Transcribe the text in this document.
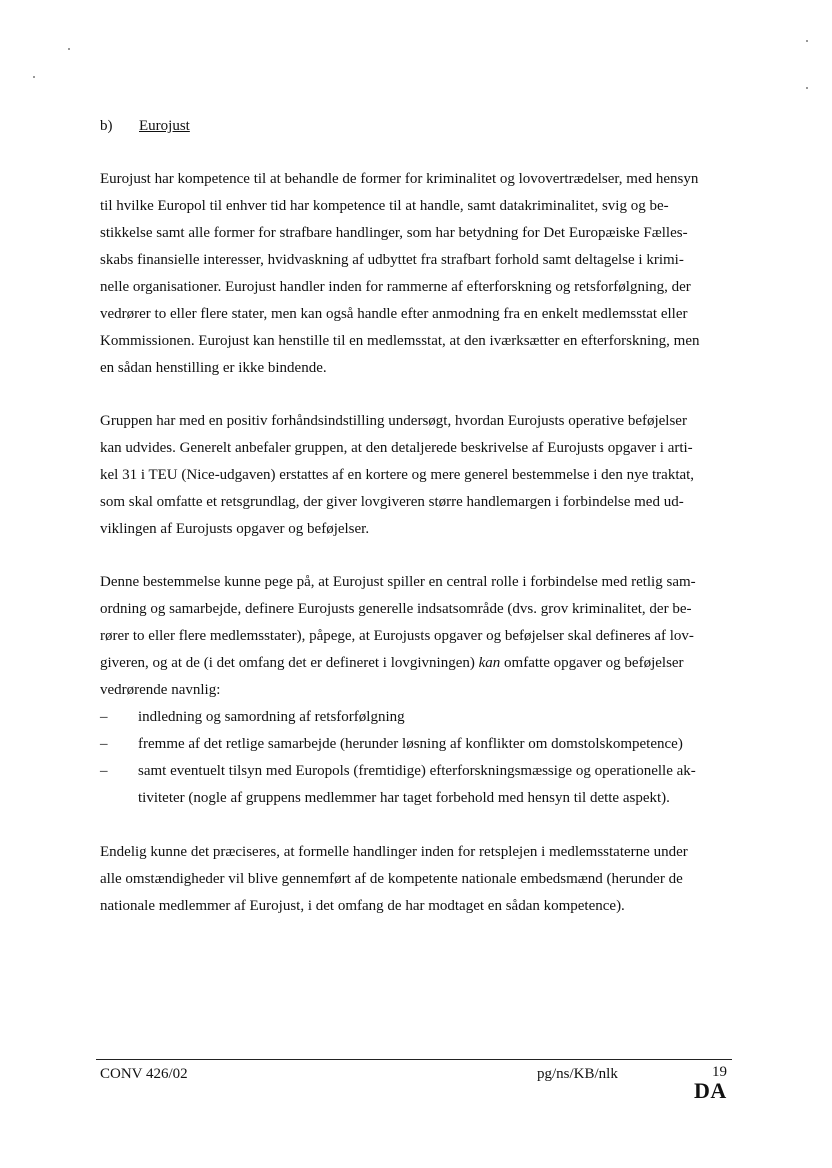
b) Eurojust
Eurojust har kompetence til at behandle de former for kriminalitet og lovovertrædelser, med hensyn
til hvilke Europol til enhver tid har kompetence til at handle, samt datakriminalitet, svig og be-
stikkelse samt alle former for strafbare handlinger, som har betydning for Det Europæiske Fælles-
skabs finansielle interesser, hvidvaskning af udbyttet fra strafbart forhold samt deltagelse i krimi-
nelle organisationer. Eurojust handler inden for rammerne af efterforskning og retsforfølgning, der
vedrører to eller flere stater, men kan også handle efter anmodning fra en enkelt medlemsstat eller
Kommissionen. Eurojust kan henstille til en medlemsstat, at den iværksætter en efterforskning, men
en sådan henstilling er ikke bindende.
Gruppen har med en positiv forhåndsindstilling undersøgt, hvordan Eurojusts operative beføjelser
kan udvides. Generelt anbefaler gruppen, at den detaljerede beskrivelse af Eurojusts opgaver i arti-
kel 31 i TEU (Nice-udgaven) erstattes af en kortere og mere generel bestemmelse i den nye traktat,
som skal omfatte et retsgrundlag, der giver lovgiveren større handlemargen i forbindelse med ud-
viklingen af Eurojusts opgaver og beføjelser.
Denne bestemmelse kunne pege på, at Eurojust spiller en central rolle i forbindelse med retlig sam-
ordning og samarbejde, definere Eurojusts generelle indsatsområde (dvs. grov kriminalitet, der be-
rører to eller flere medlemsstater), påpege, at Eurojusts opgaver og beføjelser skal defineres af lov-
giveren, og at de (i det omfang det er defineret i lovgivningen) kan omfatte opgaver og beføjelser
vedrørende navnlig:
– indledning og samordning af retsforfølgning
– fremme af det retlige samarbejde (herunder løsning af konflikter om domstolskompetence)
– samt eventuelt tilsyn med Europols (fremtidige) efterforskningsmæssige og operationelle ak-
tiviteter (nogle af gruppens medlemmer har taget forbehold med hensyn til dette aspekt).
Endelig kunne det præciseres, at formelle handlinger inden for retsplejen i medlemsstaterne under
alle omstændigheder vil blive gennemført af de kompetente nationale embedsmænd (herunder de
nationale medlemmer af Eurojust, i det omfang de har modtaget en sådan kompetence).
CONV 426/02	pg/ns/KB/nlk	19
DA
